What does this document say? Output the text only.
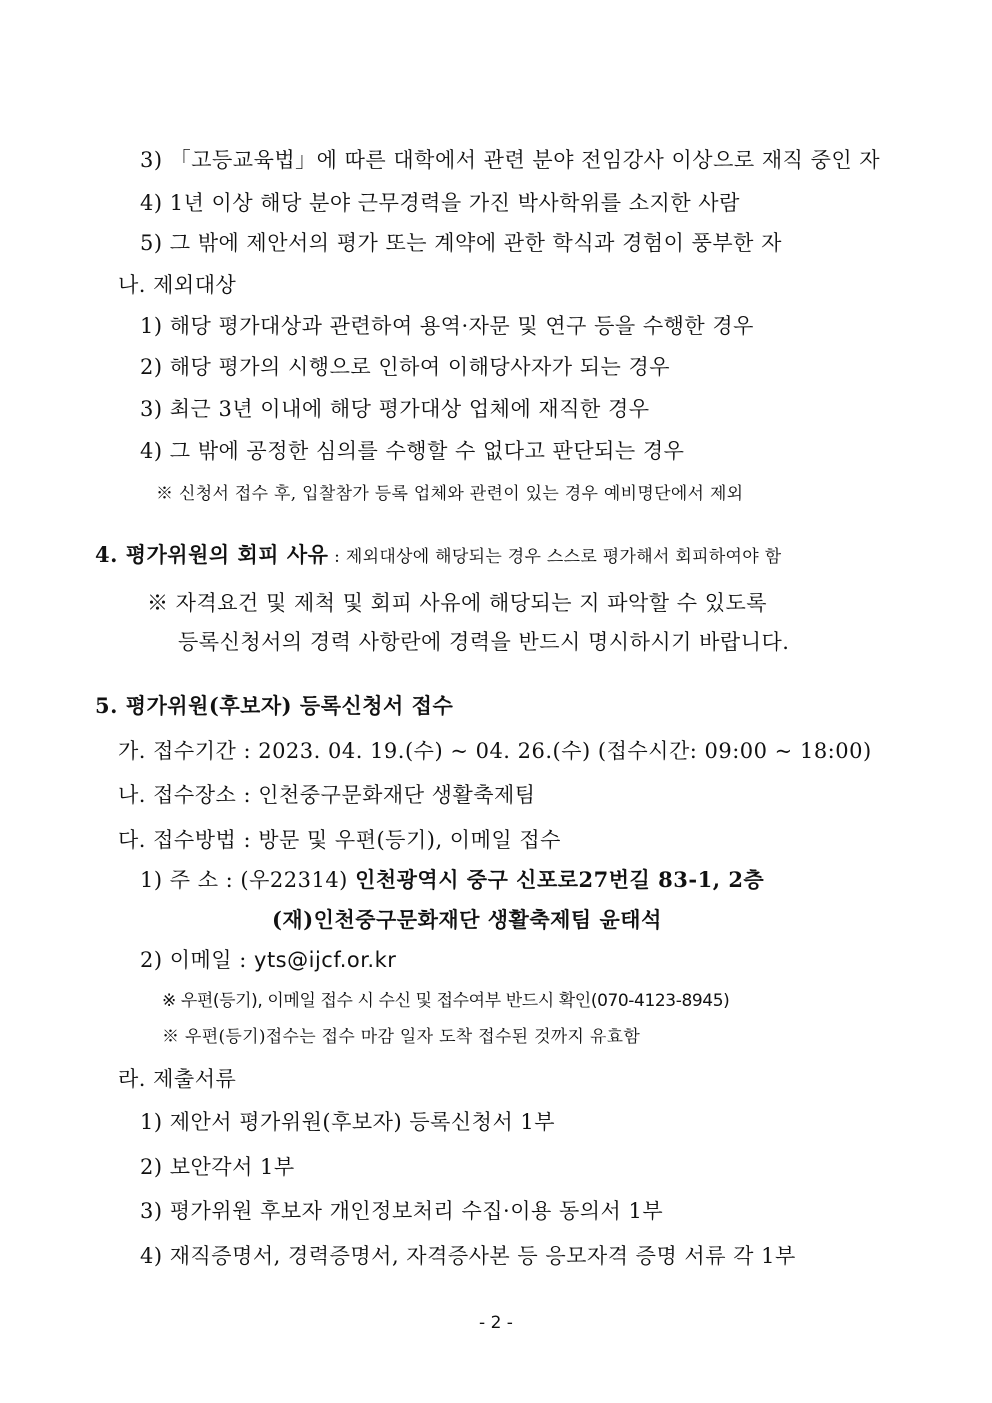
3) 「고등교육법」에 따른 대학에서 관련 분야 전임강사 이상으로 재직 중인 자
4) 1년 이상 해당 분야 근무경력을 가진 박사학위를 소지한 사람
5) 그 밖에 제안서의 평가 또는 계약에 관한 학식과 경험이 풍부한 자
나. 제외대상
1) 해당 평가대상과 관련하여 용역·자문 및 연구 등을 수행한 경우
2) 해당 평가의 시행으로 인하여 이해당사자가 되는 경우
3) 최근 3년 이내에 해당 평가대상 업체에 재직한 경우
4) 그 밖에 공정한 심의를 수행할 수 없다고 판단되는 경우
※ 신청서 접수 후, 입찰참가 등록 업체와 관련이 있는 경우 예비명단에서 제외
4. 평가위원의 회피 사유 : 제외대상에 해당되는 경우 스스로 평가해서 회피하여야 함
※ 자격요건 및 제척 및 회피 사유에 해당되는 지 파악할 수 있도록
등록신청서의 경력 사항란에 경력을 반드시 명시하시기 바랍니다.
5. 평가위원(후보자) 등록신청서 접수
가. 접수기간 : 2023. 04. 19.(수) ~ 04. 26.(수) (접수시간: 09:00 ~ 18:00)
나. 접수장소 : 인천중구문화재단 생활축제팀
다. 접수방법 : 방문 및 우편(등기), 이메일 접수
1) 주 소 : (우22314) 인천광역시 중구 신포로27번길 83-1, 2층
(재)인천중구문화재단 생활축제팀 윤태석
2) 이메일 : yts@ijcf.or.kr
※ 우편(등기), 이메일 접수 시 수신 및 접수여부 반드시 확인(070-4123-8945)
※ 우편(등기)접수는 접수 마감 일자 도착 접수된 것까지 유효함
라. 제출서류
1) 제안서 평가위원(후보자) 등록신청서 1부
2) 보안각서 1부
3) 평가위원 후보자 개인정보처리 수집·이용 동의서 1부
4) 재직증명서, 경력증명서, 자격증사본 등 응모자격 증명 서류 각 1부
- 2 -
